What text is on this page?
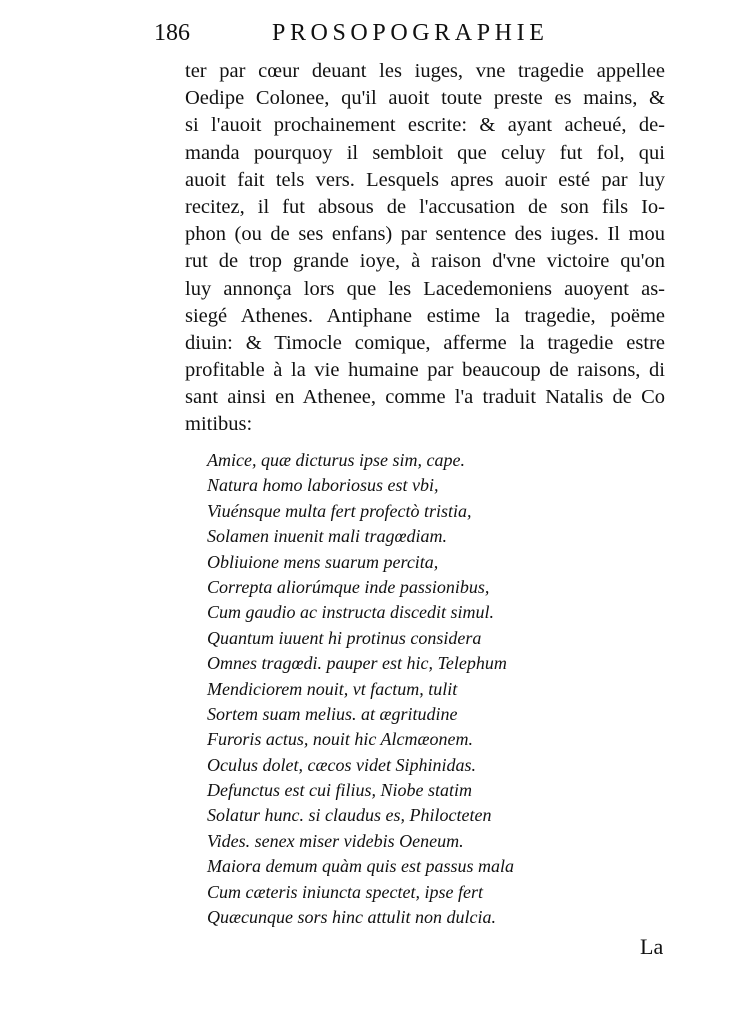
186	PROSOPOGRAPHIE
ter par cœur deuant les iuges, vne tragedie appellee
Oedipe Colonee, qu'il auoit toute preste es mains, &
si l'auoit prochainement escrite: & ayant acheué, de-
manda pourquoy il sembloit que celuy fut fol, qui
auoit fait tels vers. Lesquels apres auoir esté par luy
recitez, il fut absous de l'accusation de son fils Io-
phon (ou de ses enfans) par sentence des iuges. Il mou
rut de trop grande ioye, à raison d'vne victoire qu'on
luy annonça lors que les Lacedemoniens auoyent as-
siegé Athenes. Antiphane estime la tragedie, poëme
diuin: & Timocle comique, afferme la tragedie estre
profitable à la vie humaine par beaucoup de raisons, di
sant ainsi en Athenee, comme l'a traduit Natalis de Co
mitibus:
Amice, quæ dicturus ipse sim, cape.
Natura homo laboriosus est vbi,
Viuénsque multa fert profectò tristia,
Solamen inuenit mali tragœdiam.
Obliuione mens suarum percita,
Correpta aliorúmque inde passionibus,
Cum gaudio ac instructa discedit simul.
Quantum iuuent hi protinus considera
Omnes tragœdi. pauper est hic, Telephum
Mendiciorem nouit, vt factum, tulit
Sortem suam melius. at ægritudine
Furoris actus, nouit hic Alcmæonem.
Oculus dolet, cæcos videt Siphinidas.
Defunctus est cui filius, Niobe statim
Solatur hunc. si claudus es, Philocteten
Vides. senex miser videbis Oeneum.
Maiora demum quàm quis est passus mala
Cum cæteris iniuncta spectet, ipse fert
Quæcunque sors hinc attulit non dulcia.
La
